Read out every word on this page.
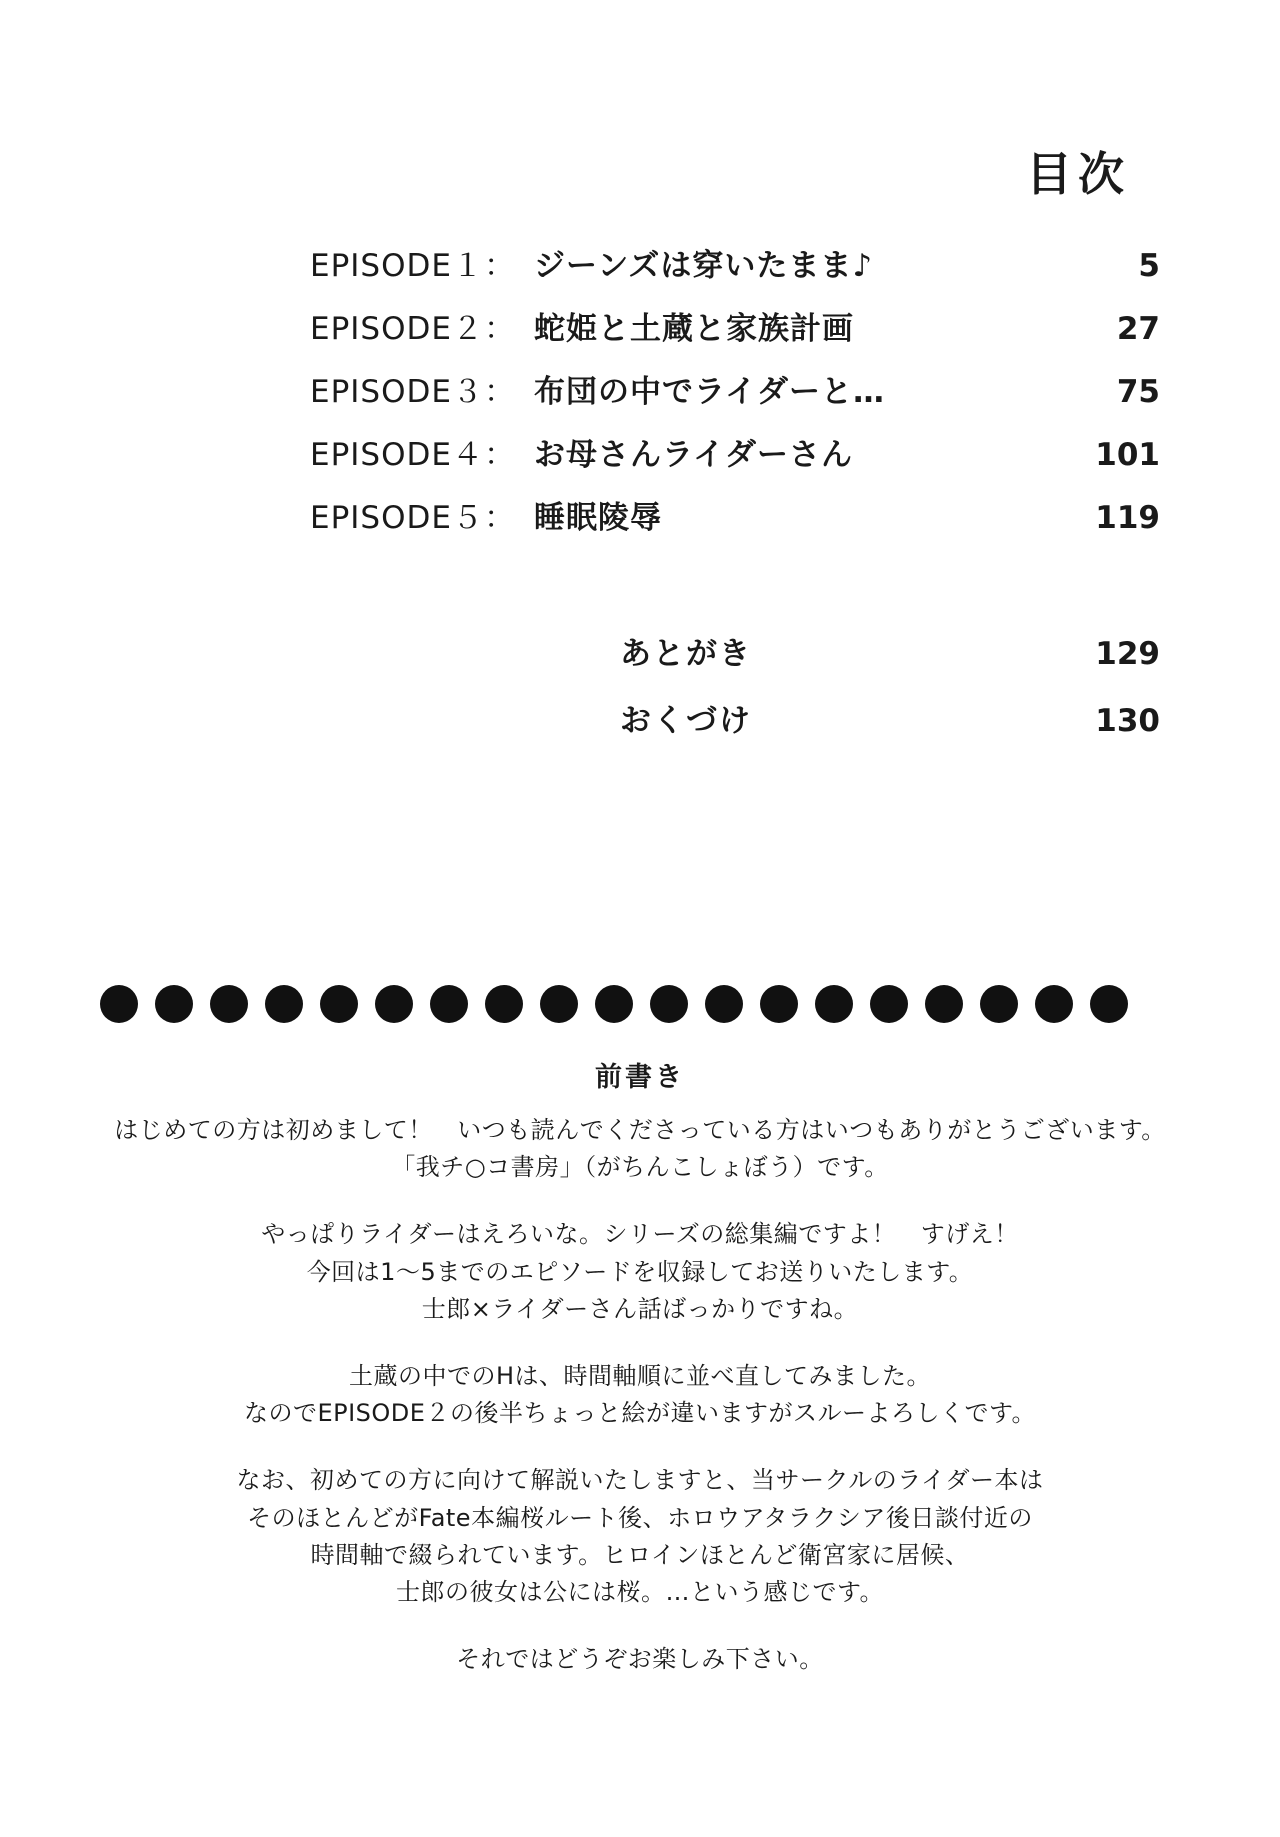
目次
EPISODE１： ジーンズは穿いたまま♪	5
EPISODE２： 蛇姫と土蔵と家族計画	27
EPISODE３： 布団の中でライダーと…	75
EPISODE４： お母さんライダーさん	101
EPISODE５： 睡眠陵辱	119
あとがき	129
おくづけ	130
前書き
はじめての方は初めまして！　いつも読んでくださっている方はいつもありがとうございます。
「我チ○コ書房」（がちんこしょぼう）です。
やっぱりライダーはえろいな。シリーズの総集編ですよ！　すげえ！
今回は1〜5までのエピソードを収録してお送りいたします。
士郎×ライダーさん話ばっかりですね。
土蔵の中でのHは、時間軸順に並べ直してみました。
なのでEPISODE２の後半ちょっと絵が違いますがスルーよろしくです。
なお、初めての方に向けて解説いたしますと、当サークルのライダー本は
そのほとんどがFate本編桜ルート後、ホロウアタラクシア後日談付近の
時間軸で綴られています。ヒロインほとんど衛宮家に居候、
士郎の彼女は公には桜。…という感じです。
それではどうぞお楽しみ下さい。
